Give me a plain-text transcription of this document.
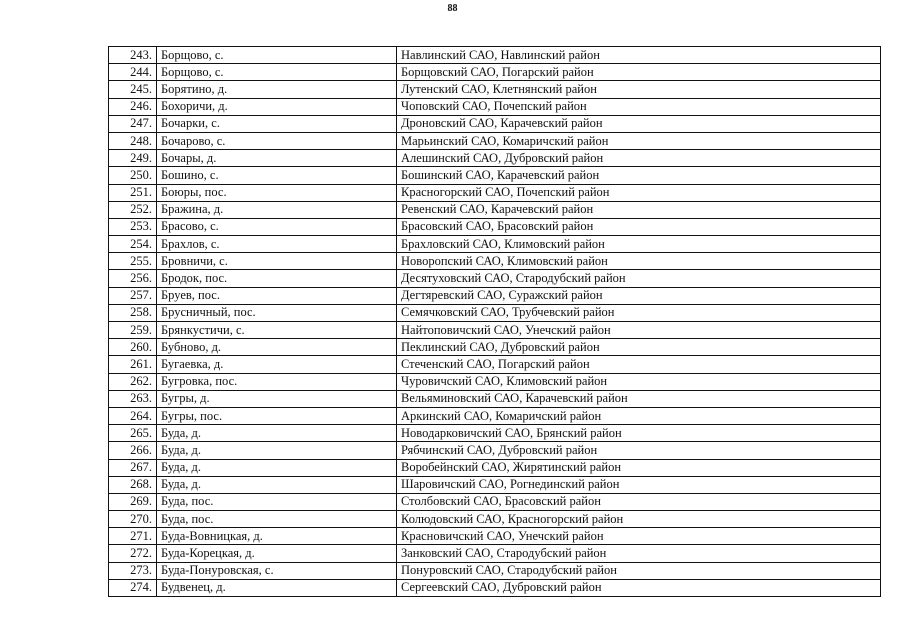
88
243.	Борщово, с.	Навлинский САО, Навлинский район
244.	Борщово, с.	Борщовский САО, Погарский район
245.	Борятино, д.	Лутенский САО, Клетнянский район
246.	Бохоричи, д.	Чоповский САО, Почепский район
247.	Бочарки, с.	Дроновский САО, Карачевский район
248.	Бочарово, с.	Марьинский САО, Комаричский район
249.	Бочары, д.	Алешинский САО, Дубровский район
250.	Бошино, с.	Бошинский САО, Карачевский район
251.	Боюры, пос.	Красногорский САО, Почепский район
252.	Бражина, д.	Ревенский САО, Карачевский район
253.	Брасово, с.	Брасовский САО, Брасовский район
254.	Брахлов, с.	Брахловский САО, Климовский район
255.	Бровничи, с.	Новоропский САО, Климовский район
256.	Бродок, пос.	Десятуховский САО, Стародубский район
257.	Бруев, пос.	Дегтяревский САО, Суражский район
258.	Брусничный, пос.	Семячковский САО, Трубчевский район
259.	Брянкустичи, с.	Найтоповичский САО, Унечский район
260.	Бубново, д.	Пеклинский САО, Дубровский район
261.	Бугаевка, д.	Стеченский САО, Погарский район
262.	Бугровка, пос.	Чуровичский САО, Климовский район
263.	Бугры, д.	Вельяминовский САО, Карачевский район
264.	Бугры, пос.	Аркинский САО, Комаричский район
265.	Буда, д.	Новодарковичский САО, Брянский район
266.	Буда, д.	Рябчинский САО, Дубровский район
267.	Буда, д.	Воробейнский САО, Жирятинский район
268.	Буда, д.	Шаровичский САО, Рогнединский район
269.	Буда, пос.	Столбовский САО, Брасовский район
270.	Буда, пос.	Колюдовский САО, Красногорский район
271.	Буда-Вовницкая, д.	Красновичский САО, Унечский район
272.	Буда-Корецкая, д.	Занковский САО, Стародубский район
273.	Буда-Понуровская, с.	Понуровский САО, Стародубский район
274.	Будвенец, д.	Сергеевский САО, Дубровский район
